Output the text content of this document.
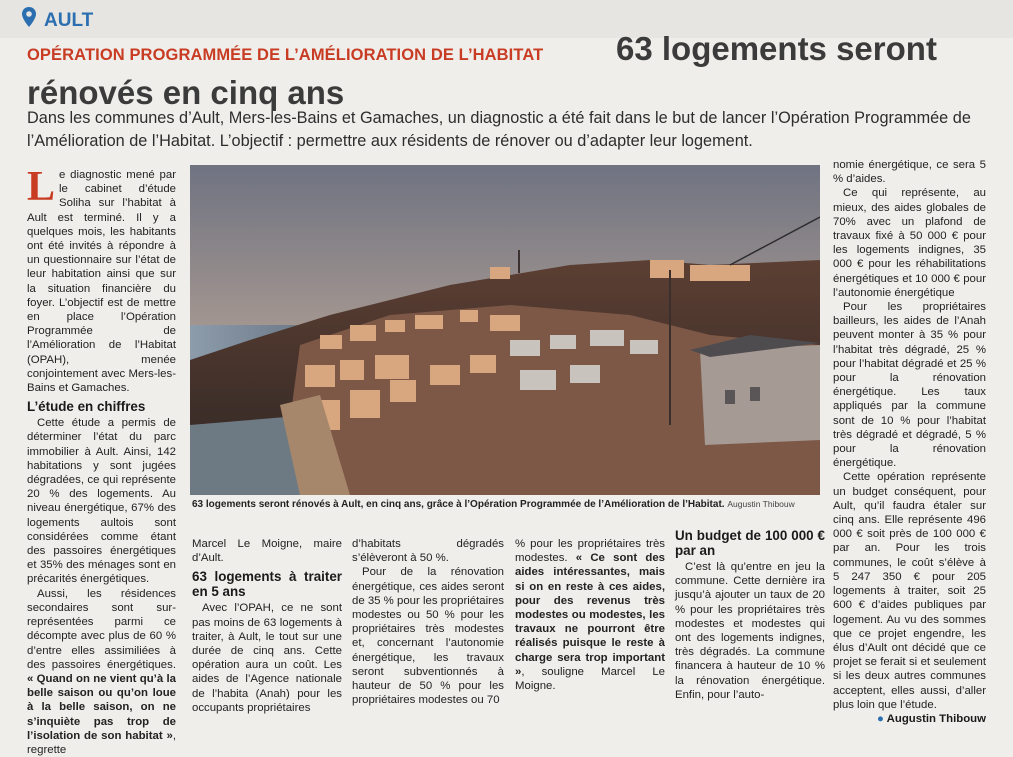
AULT
OPÉRATION PROGRAMMÉE DE L’AMÉLIORATION DE L’HABITAT 63 logements seront
rénovés en cinq ans
Dans les communes d’Ault, Mers-les-Bains et Gamaches, un diagnostic a été fait dans le but de lancer l’Opération Programmée de l’Amélioration de l’Habitat. L’objectif : permettre aux résidents de rénover ou d’adapter leur logement.

Le diagnostic mené par le cabinet d’étude Soliha sur l’habitat à Ault est terminé. Il y a quelques mois, les habitants ont été invités à répondre à un questionnaire sur l’état de leur habitation ainsi que sur la situation financière du foyer. L’objectif est de mettre en place l’Opération Programmée de l’Amélioration de l’Habitat (OPAH), menée conjointement avec Mers-les-Bains et Gamaches.

L’étude en chiffres

Cette étude a permis de déterminer l’état du parc immobilier à Ault. Ainsi, 142 habitations y sont jugées dégradées, ce qui représente 20 % des logements. Au niveau énergétique, 67% des logements aultois sont considérées comme étant des passoires énergétiques et 35% des ménages sont en précarités énergétiques.

Aussi, les résidences secondaires sont sur-représentées parmi ce décompte avec plus de 60 % d’entre elles assimiliées à des passoires énergétiques. « Quand on ne vient qu’à la belle saison ou qu’on loue à la belle saison, on ne s’inquiète pas trop de l’isolation de son habitat », regrette

63 logements seront rénovés à Ault, en cinq ans, grâce à l’Opération Programmée de l’Amélioration de l’Habitat. Augustin Thibouw

Marcel Le Moigne, maire d’Ault.

63 logements à traiter en 5 ans

Avec l’OPAH, ce ne sont pas moins de 63 logements à traiter, à Ault, le tout sur une durée de cinq ans. Cette opération aura un coût. Les aides de l’Agence nationale de l’habita (Anah) pour les occupants propriétaires

d’habitats dégradés s’élèveront à 50 %.

Pour de la rénovation énergétique, ces aides seront de 35 % pour les propriétaires modestes ou 50 % pour les propriétaires très modestes et, concernant l’autonomie énergétique, les travaux seront subventionnés à hauteur de 50 % pour les propriétaires modestes ou 70

% pour les propriétaires très modestes. « Ce sont des aides intéressantes, mais si on en reste à ces aides, pour des revenus très modestes ou modestes, les travaux ne pourront être réalisés puisque le reste à charge sera trop important », souligne Marcel Le Moigne.

Un budget de 100 000 € par an

C’est là qu’entre en jeu la commune. Cette dernière ira jusqu’à ajouter un taux de 20 % pour les propriétaires très modestes et modestes qui ont des logements indignes, très dégradés. La commune financera à hauteur de 10 % la rénovation énergétique. Enfin, pour l’auto-

nomie énergétique, ce sera 5 % d’aides.

Ce qui représente, au mieux, des aides globales de 70% avec un plafond de travaux fixé à 50 000 € pour les logements indignes, 35 000 € pour les réhabilitations énergétiques et 10 000 € pour l’autonomie énergétique

Pour les propriétaires bailleurs, les aides de l’Anah peuvent monter à 35 % pour l’habitat très dégradé, 25 % pour l’habitat dégradé et 25 % pour la rénovation énergétique. Les taux appliqués par la commune sont de 10 % pour l’habitat très dégradé et dégradé, 5 % pour la rénovation énergétique.

Cette opération représente un budget conséquent, pour Ault, qu’il faudra étaler sur cinq ans. Elle représente 496 000 € soit près de 100 000 € par an. Pour les trois communes, le coût s’élève à 5 247 350 € pour 205 logements à traiter, soit 25 600 € d’aides publiques par logement. Au vu des sommes que ce projet engendre, les élus d’Ault ont décidé que ce projet se ferait si et seulement si les deux autres communes acceptent, elles aussi, d’aller plus loin que l’étude.

● Augustin Thibouw
